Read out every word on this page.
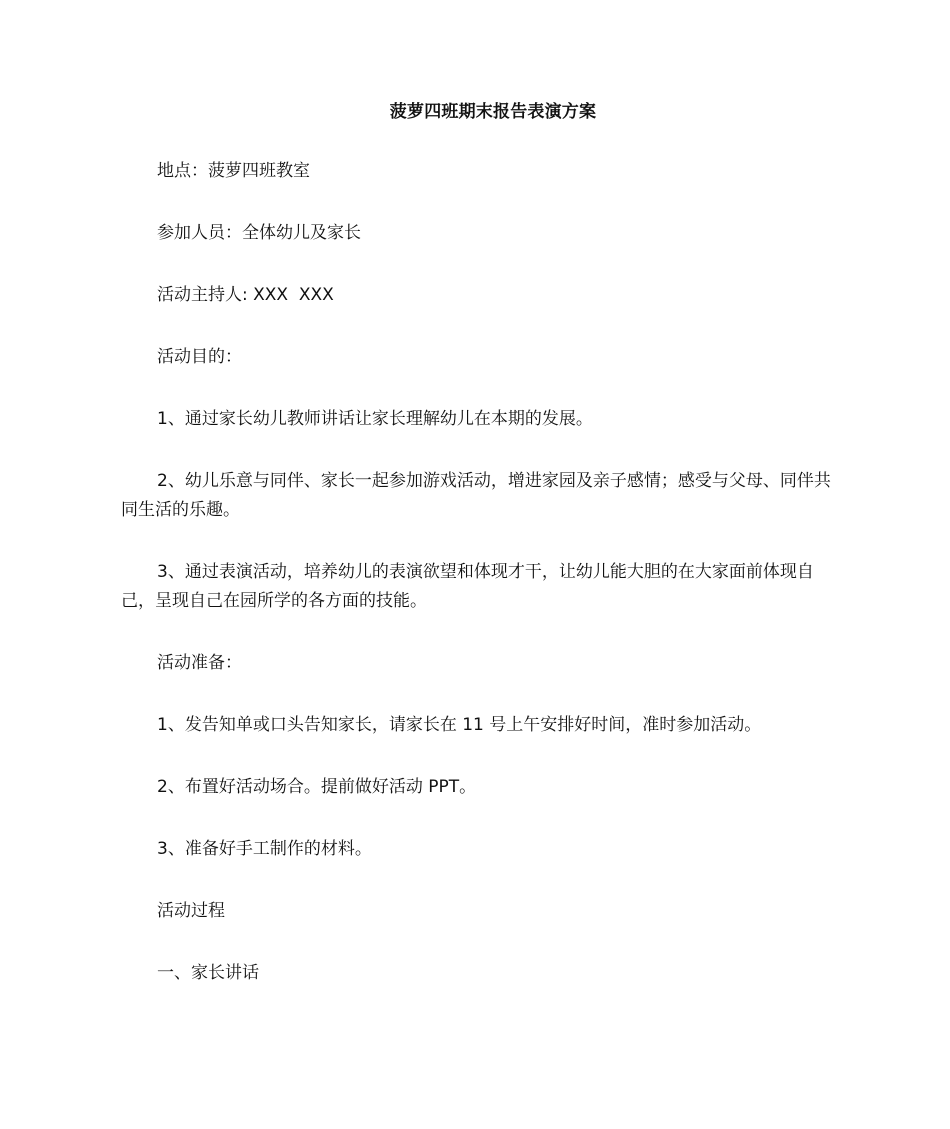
菠萝四班期末报告表演方案

地点：菠萝四班教室

参加人员：全体幼儿及家长

活动主持人: XXX  XXX

活动目的：

1、通过家长幼儿教师讲话让家长理解幼儿在本期的发展。

2、幼儿乐意与同伴、家长一起参加游戏活动，增进家园及亲子感情；感受与父母、同伴共同生活的乐趣。

3、通过表演活动，培养幼儿的表演欲望和体现才干，让幼儿能大胆的在大家面前体现自己，呈现自己在园所学的各方面的技能。

活动准备：

1、发告知单或口头告知家长，请家长在 11 号上午安排好时间，准时参加活动。

2、布置好活动场合。提前做好活动 PPT。

3、准备好手工制作的材料。

活动过程

一、家长讲话
